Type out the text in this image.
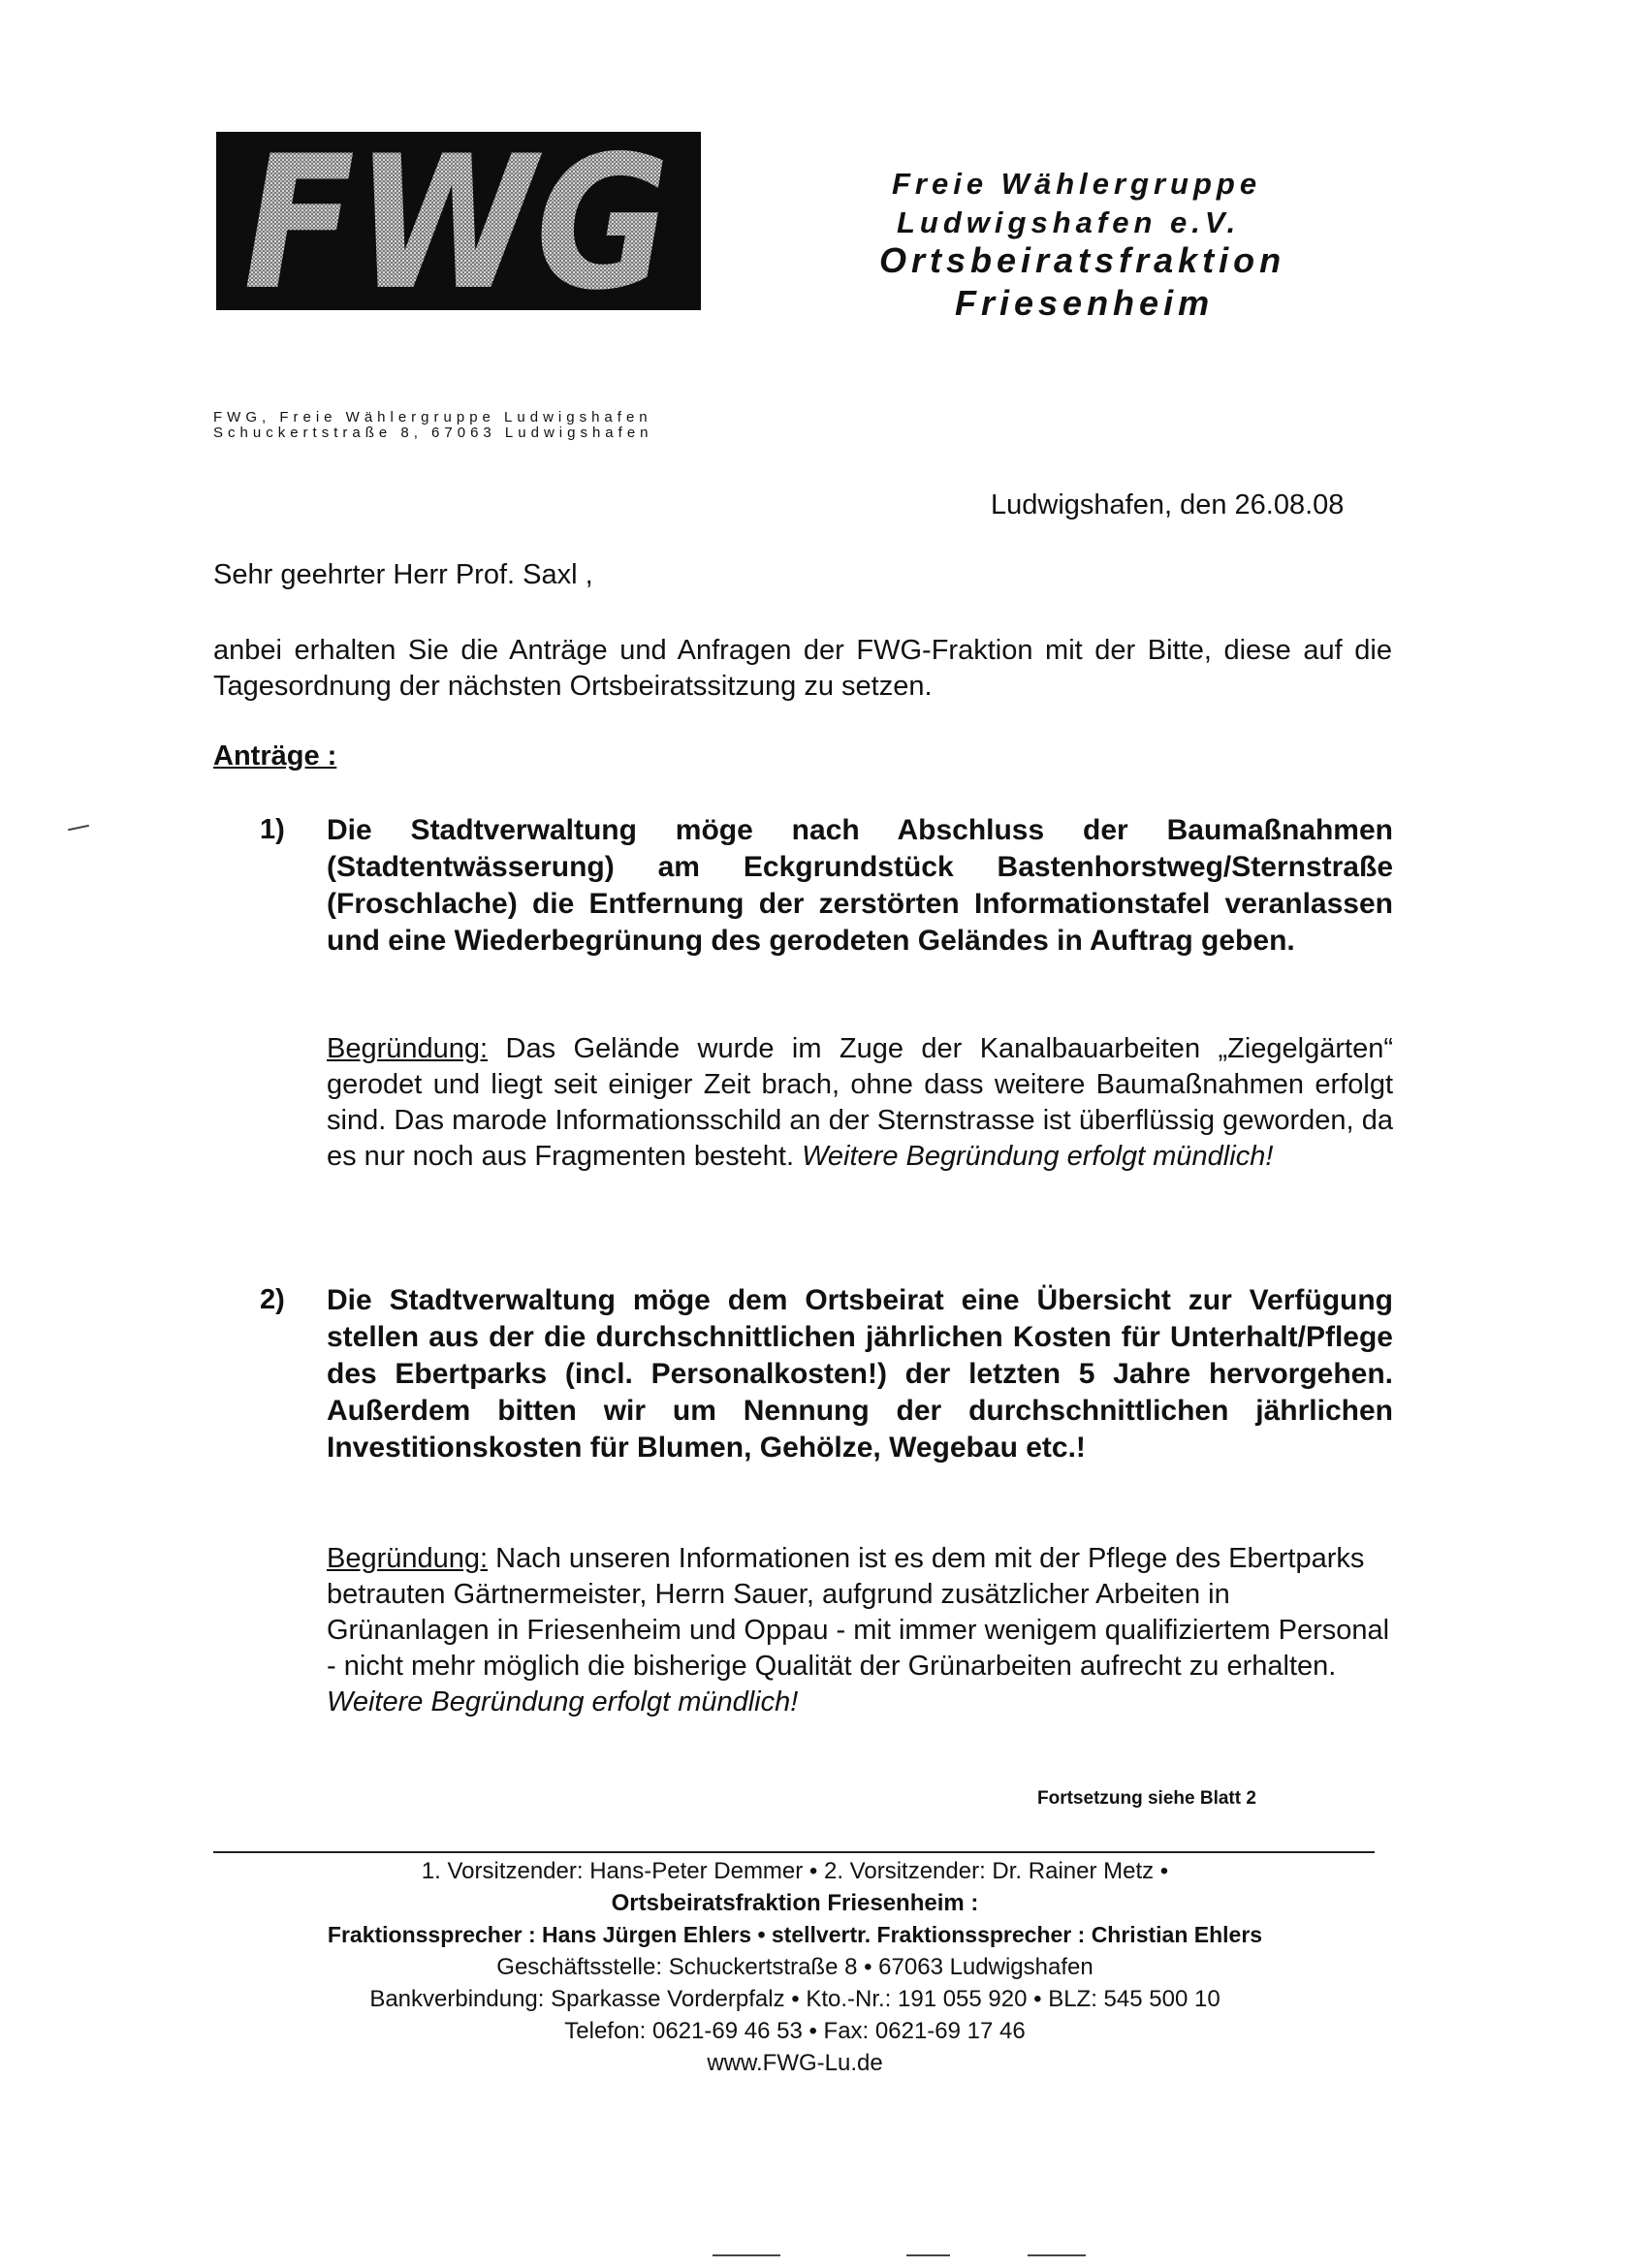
FWG	Freie Wählergruppe
Ludwigshafen e.V.
Ortsbeiratsfraktion
Friesenheim
FWG, Freie Wählergruppe Ludwigshafen
Schuckertstraße 8, 67063 Ludwigshafen
Ludwigshafen, den 26.08.08
Sehr geehrter Herr Prof. Saxl ,
anbei erhalten Sie die Anträge und Anfragen der FWG-Fraktion mit der Bitte, diese auf die Tagesordnung der nächsten Ortsbeiratssitzung zu setzen.
Anträge :
1) Die Stadtverwaltung möge nach Abschluss der Baumaßnahmen (Stadtentwässerung) am Eckgrundstück Bastenhorstweg/Sternstraße (Froschlache) die Entfernung der zerstörten Informationstafel veranlassen und eine Wiederbegrünung des gerodeten Geländes in Auftrag geben.
Begründung: Das Gelände wurde im Zuge der Kanalbauarbeiten „Ziegelgärten“ gerodet und liegt seit einiger Zeit brach, ohne dass weitere Baumaßnahmen erfolgt sind. Das marode Informationsschild an der Sternstrasse ist überflüssig geworden, da es nur noch aus Fragmenten besteht. Weitere Begründung erfolgt mündlich!
2) Die Stadtverwaltung möge dem Ortsbeirat eine Übersicht zur Verfügung stellen aus der die durchschnittlichen jährlichen Kosten für Unterhalt/Pflege des Ebertparks (incl. Personalkosten!) der letzten 5 Jahre hervorgehen. Außerdem bitten wir um Nennung der durchschnittlichen jährlichen Investitionskosten für Blumen, Gehölze, Wegebau etc.!
Begründung: Nach unseren Informationen ist es dem mit der Pflege des Ebertparks betrauten Gärtnermeister, Herrn Sauer, aufgrund zusätzlicher Arbeiten in Grünanlagen in Friesenheim und Oppau - mit immer wenigem qualifiziertem Personal - nicht mehr möglich die bisherige Qualität der Grünarbeiten aufrecht zu erhalten. Weitere Begründung erfolgt mündlich!
Fortsetzung siehe Blatt 2
1. Vorsitzender: Hans-Peter Demmer • 2. Vorsitzender: Dr. Rainer Metz •
Ortsbeiratsfraktion Friesenheim :
Fraktionssprecher : Hans Jürgen Ehlers • stellvertr. Fraktionssprecher : Christian Ehlers
Geschäftsstelle: Schuckertstraße 8 • 67063 Ludwigshafen
Bankverbindung: Sparkasse Vorderpfalz • Kto.-Nr.: 191 055 920 • BLZ: 545 500 10
Telefon: 0621-69 46 53 • Fax: 0621-69 17 46
www.FWG-Lu.de
